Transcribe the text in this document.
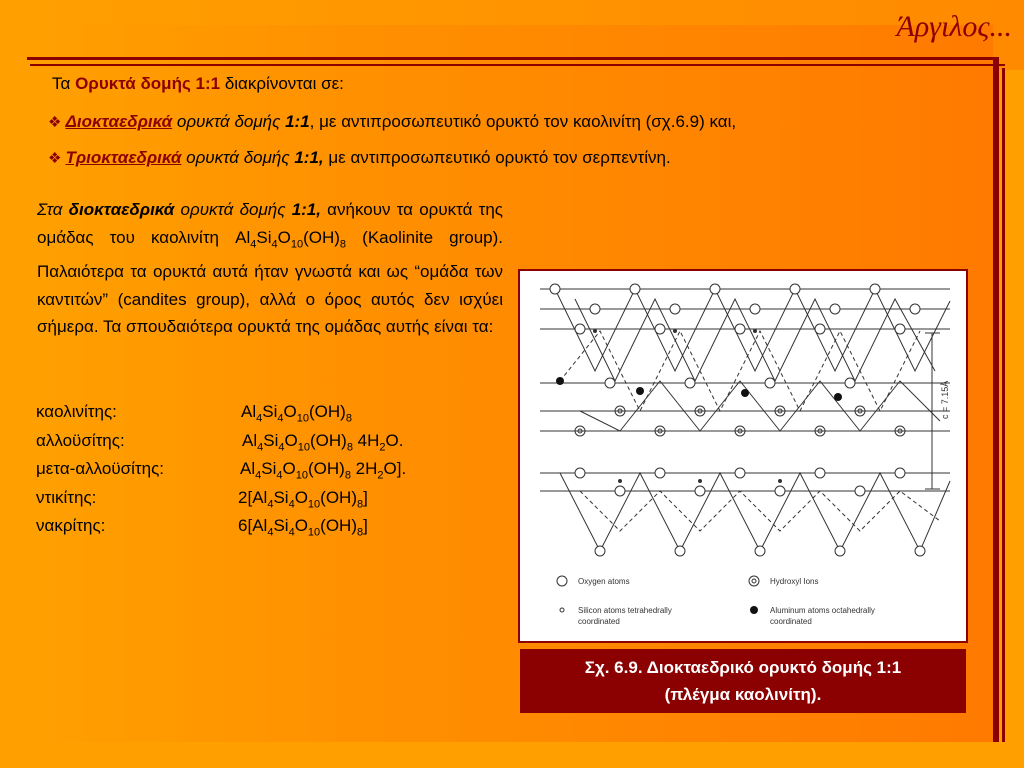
Άργιλος...
Τα Ορυκτά δομής 1:1 διακρίνονται σε:
❖ Διοκταεδρικά ορυκτά δομής 1:1, με αντιπροσωπευτικό ορυκτό τον καολινίτη (σχ.6.9) και,
❖ Τριοκταεδρικά ορυκτά δομής 1:1, με αντιπροσωπευτικό ορυκτό τον σερπεντίνη.

Στα διοκταεδρικά ορυκτά δομής 1:1, ανήκουν τα ορυκτά της ομάδας του καολινίτη $Al_4Si_4O_{10}(OH)_8$ (Kaolinite group). Παλαιότερα τα ορυκτά αυτά ήταν γνωστά και ως “ομάδα των καντιτών” (candites group), αλλά ο όρος αυτός δεν ισχύει σήμερα. Τα σπουδαιότερα ορυκτά της ομάδας αυτής είναι τα:

καολινίτης:	$Al_4Si_4O_{10}(OH)_8$
αλλοϋσίτης:	$Al_4Si_4O_{10}(OH)_8$ $4H_2O$.
μετα-αλλοϋσίτης:	$Al_4Si_4O_{10}(OH)_8$ $2H_2O$].
ντικίτης:	$2[Al_4Si_4O_{10}(OH)_8]$
νακρίτης:	$6[Al_4Si_4O_{10}(OH)_8]$
c = 7.15Å
Oxygen atoms	Hydroxyl Ions
Silicon atoms tetrahedrally
coordinated
Aluminum atoms octahedrally
coordinated
Σχ. 6.9. Διοκταεδρικό ορυκτό δομής 1:1
(πλέγμα καολινίτη).
